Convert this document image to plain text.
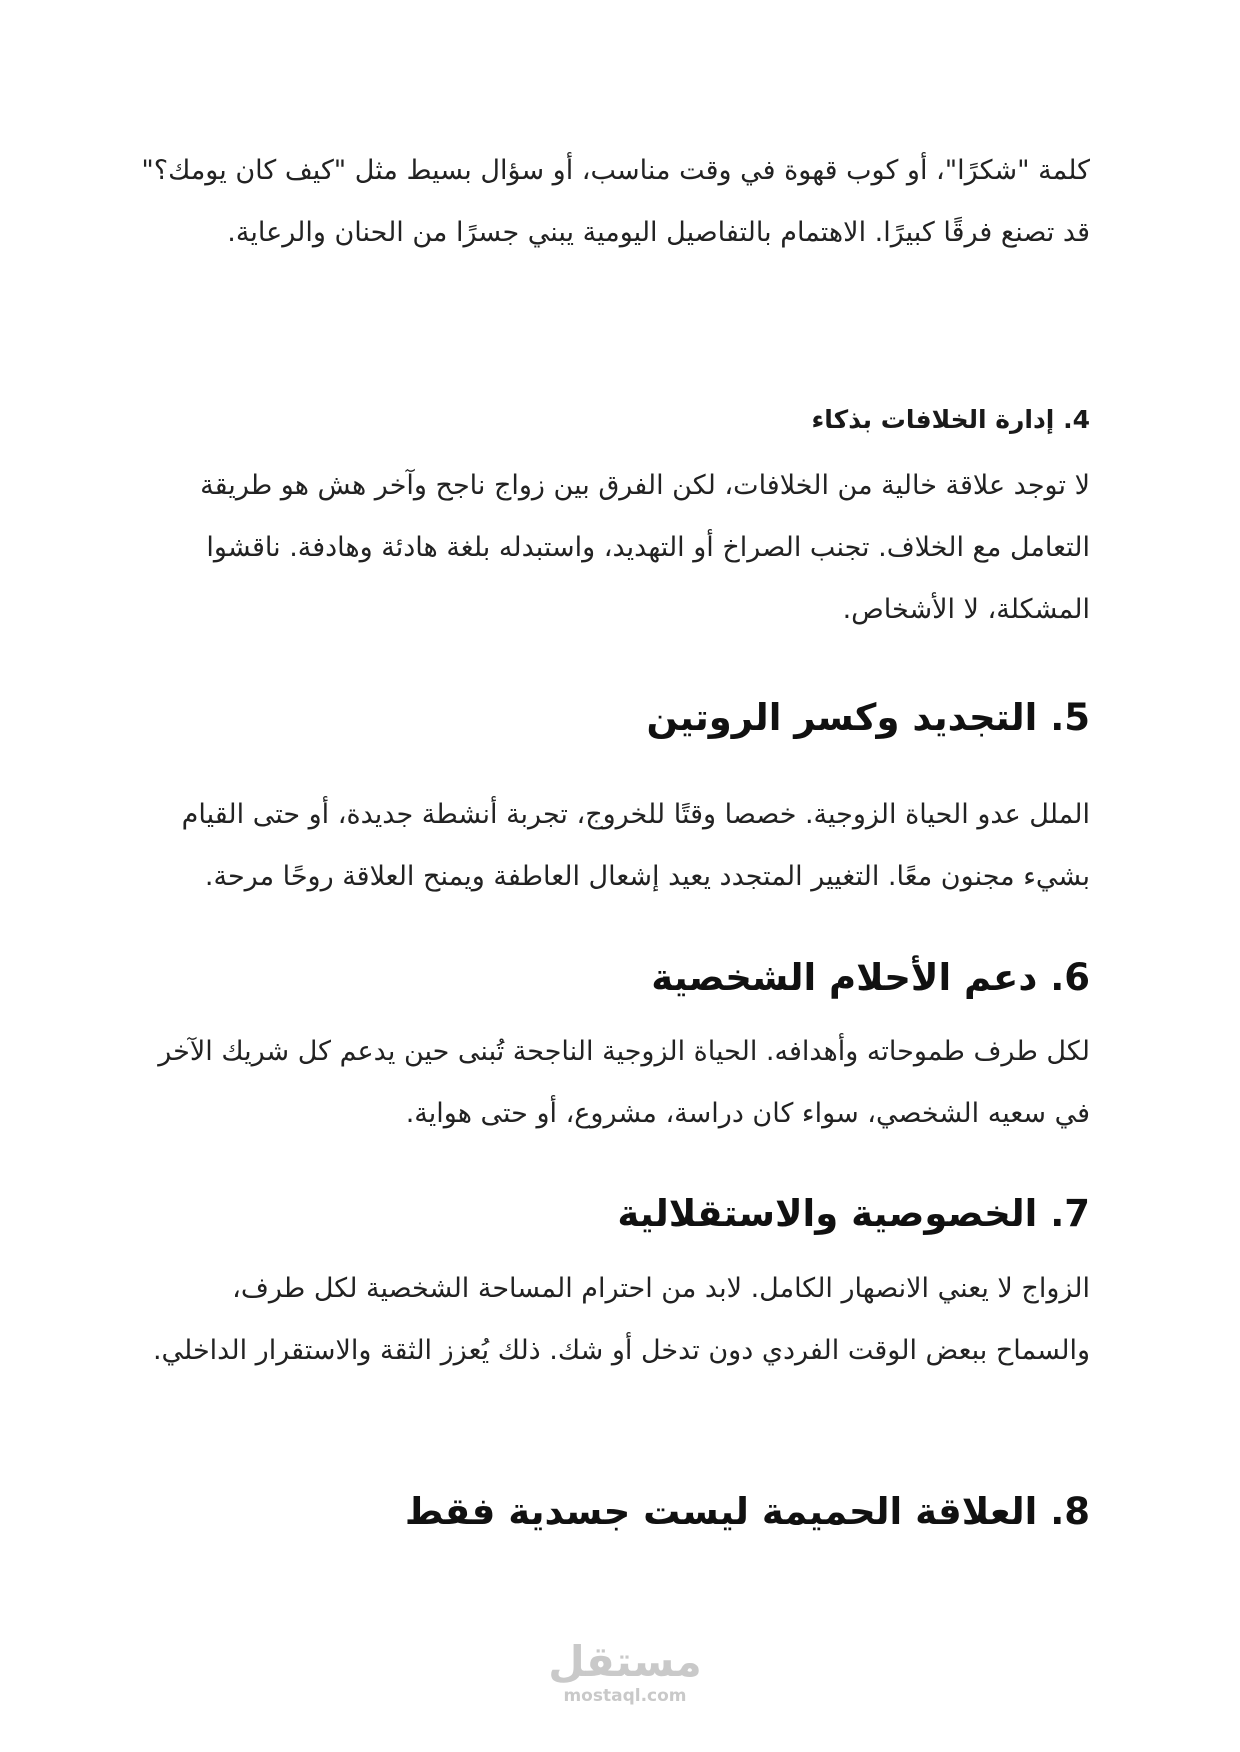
كلمة "شكرًا"، أو كوب قهوة في وقت مناسب، أو سؤال بسيط مثل "كيف كان يومك؟" قد تصنع فرقًا كبيرًا. الاهتمام بالتفاصيل اليومية يبني جسرًا من الحنان والرعاية.

4. إدارة الخلافات بذكاء

لا توجد علاقة خالية من الخلافات، لكن الفرق بين زواج ناجح وآخر هش هو طريقة التعامل مع الخلاف. تجنب الصراخ أو التهديد، واستبدله بلغة هادئة وهادفة. ناقشوا المشكلة، لا الأشخاص.

5. التجديد وكسر الروتين

الملل عدو الحياة الزوجية. خصصا وقتًا للخروج، تجربة أنشطة جديدة، أو حتى القيام بشيء مجنون معًا. التغيير المتجدد يعيد إشعال العاطفة ويمنح العلاقة روحًا مرحة.

6. دعم الأحلام الشخصية

لكل طرف طموحاته وأهدافه. الحياة الزوجية الناجحة تُبنى حين يدعم كل شريك الآخر في سعيه الشخصي، سواء كان دراسة، مشروع، أو حتى هواية.

7. الخصوصية والاستقلالية

الزواج لا يعني الانصهار الكامل. لابد من احترام المساحة الشخصية لكل طرف، والسماح ببعض الوقت الفردي دون تدخل أو شك. ذلك يُعزز الثقة والاستقرار الداخلي.

8. العلاقة الحميمة ليست جسدية فقط
مستقل
mostaql.com
